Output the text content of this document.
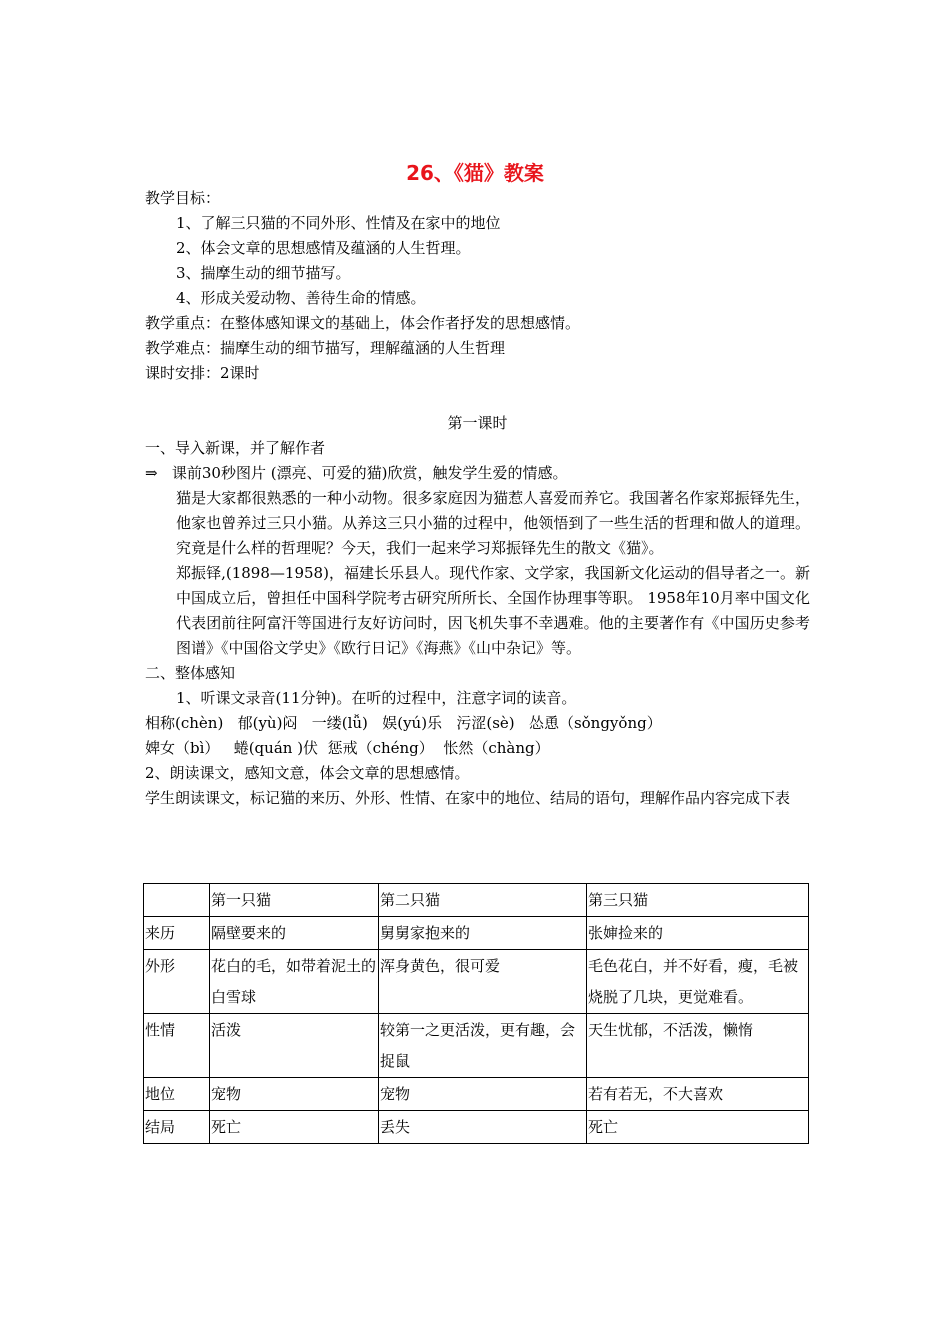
26、《猫》教案

教学目标：

1、了解三只猫的不同外形、性情及在家中的地位

2、体会文章的思想感情及蕴涵的人生哲理。

3、揣摩生动的细节描写。

4、形成关爱动物、善待生命的情感。

教学重点：在整体感知课文的基础上，体会作者抒发的思想感情。

教学难点：揣摩生动的细节描写，理解蕴涵的人生哲理

课时安排：2课时

第一课时

一、导入新课，并了解作者

⇒ 课前30秒图片 (漂亮、可爱的猫)欣赏，触发学生爱的情感。

猫是大家都很熟悉的一种小动物。很多家庭因为猫惹人喜爱而养它。我国著名作家郑振铎先生，他家也曾养过三只小猫。从养这三只小猫的过程中，他领悟到了一些生活的哲理和做人的道理。究竟是什么样的哲理呢？今天，我们一起来学习郑振铎先生的散文《猫》。

郑振铎,(1898—1958)，福建长乐县人。现代作家、文学家，我国新文化运动的倡导者之一。新中国成立后，曾担任中国科学院考古研究所所长、全国作协理事等职。 1958年10月率中国文化代表团前往阿富汗等国进行友好访问时，因飞机失事不幸遇难。他的主要著作有《中国历史参考图谱》《中国俗文学史》《欧行日记》《海燕》《山中杂记》等。

二、整体感知

1、听课文录音(11分钟)。在听的过程中，注意字词的读音。

相称(chèn)   郁(yù)闷   一缕(lǚ)   娱(yú)乐   污涩(sè)   怂恿（sǒngyǒng）

婢女（bì）   蜷(quán )伏  惩戒（chéng）  怅然（chàng）

2、朗读课文，感知文意，体会文章的思想感情。

学生朗读课文，标记猫的来历、外形、性情、在家中的地位、结局的语句，理解作品内容完成下表

	第一只猫	第二只猫	第三只猫
来历	隔壁要来的	舅舅家抱来的	张婶捡来的
外形	花白的毛，如带着泥土的白雪球	浑身黄色，很可爱	毛色花白，并不好看，瘦，毛被烧脱了几块，更觉难看。
性情	活泼	较第一之更活泼，更有趣，会捉鼠	天生忧郁，不活泼，懒惰
地位	宠物	宠物	若有若无，不大喜欢
结局	死亡	丢失	死亡
